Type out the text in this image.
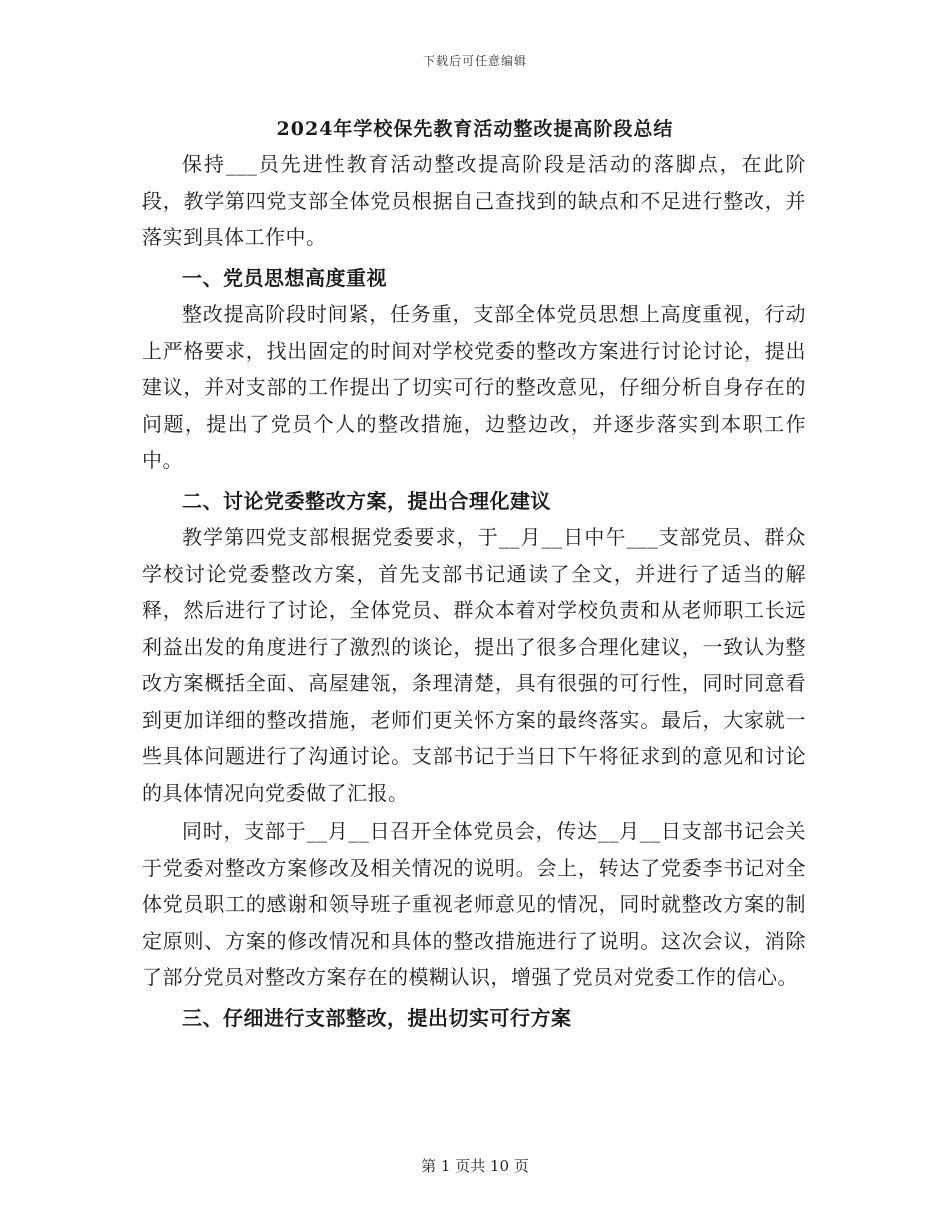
下载后可任意编辑
2024年学校保先教育活动整改提高阶段总结

保持___员先进性教育活动整改提高阶段是活动的落脚点，在此阶段，教学第四党支部全体党员根据自己查找到的缺点和不足进行整改，并落实到具体工作中。

一、党员思想高度重视

整改提高阶段时间紧，任务重，支部全体党员思想上高度重视，行动上严格要求，找出固定的时间对学校党委的整改方案进行讨论讨论，提出建议，并对支部的工作提出了切实可行的整改意见，仔细分析自身存在的问题，提出了党员个人的整改措施，边整边改，并逐步落实到本职工作中。

二、讨论党委整改方案，提出合理化建议

教学第四党支部根据党委要求，于__月__日中午___支部党员、群众学校讨论党委整改方案，首先支部书记通读了全文，并进行了适当的解释，然后进行了讨论，全体党员、群众本着对学校负责和从老师职工长远利益出发的角度进行了激烈的谈论，提出了很多合理化建议，一致认为整改方案概括全面、高屋建瓴，条理清楚，具有很强的可行性，同时同意看到更加详细的整改措施，老师们更关怀方案的最终落实。最后，大家就一些具体问题进行了沟通讨论。支部书记于当日下午将征求到的意见和讨论的具体情况向党委做了汇报。

同时，支部于__月__日召开全体党员会，传达__月__日支部书记会关于党委对整改方案修改及相关情况的说明。会上，转达了党委李书记对全体党员职工的感谢和领导班子重视老师意见的情况，同时就整改方案的制定原则、方案的修改情况和具体的整改措施进行了说明。这次会议，消除了部分党员对整改方案存在的模糊认识，增强了党员对党委工作的信心。

三、仔细进行支部整改，提出切实可行方案

第 1 页共 10 页
